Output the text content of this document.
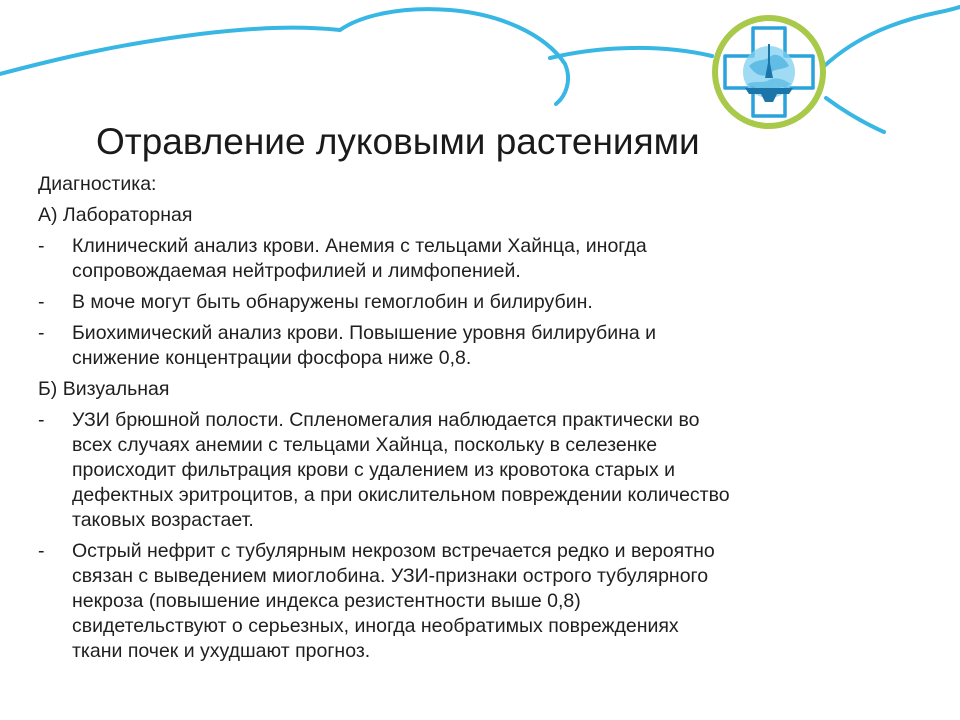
Отравление луковыми растениями

Диагностика:

А) Лабораторная

-	Клинический анализ крови. Анемия с тельцами Хайнца, иногда
сопровождаемая нейтрофилией и лимфопенией.
-	В моче могут быть обнаружены гемоглобин и билирубин.
-	Биохимический анализ крови. Повышение уровня билирубина и
снижение концентрации фосфора ниже 0,8.

Б) Визуальная

-	УЗИ брюшной полости. Спленомегалия наблюдается практически во
всех случаях анемии с тельцами Хайнца, поскольку в селезенке
происходит фильтрация крови с удалением из кровотока старых и
дефектных эритроцитов, а при окислительном повреждении количество
таковых возрастает.
-	Острый нефрит с тубулярным некрозом встречается редко и вероятно
связан с выведением миоглобина. УЗИ-признаки острого тубулярного
некроза (повышение индекса резистентности выше 0,8)
свидетельствуют о серьезных, иногда необратимых повреждениях
ткани почек и ухудшают прогноз.
